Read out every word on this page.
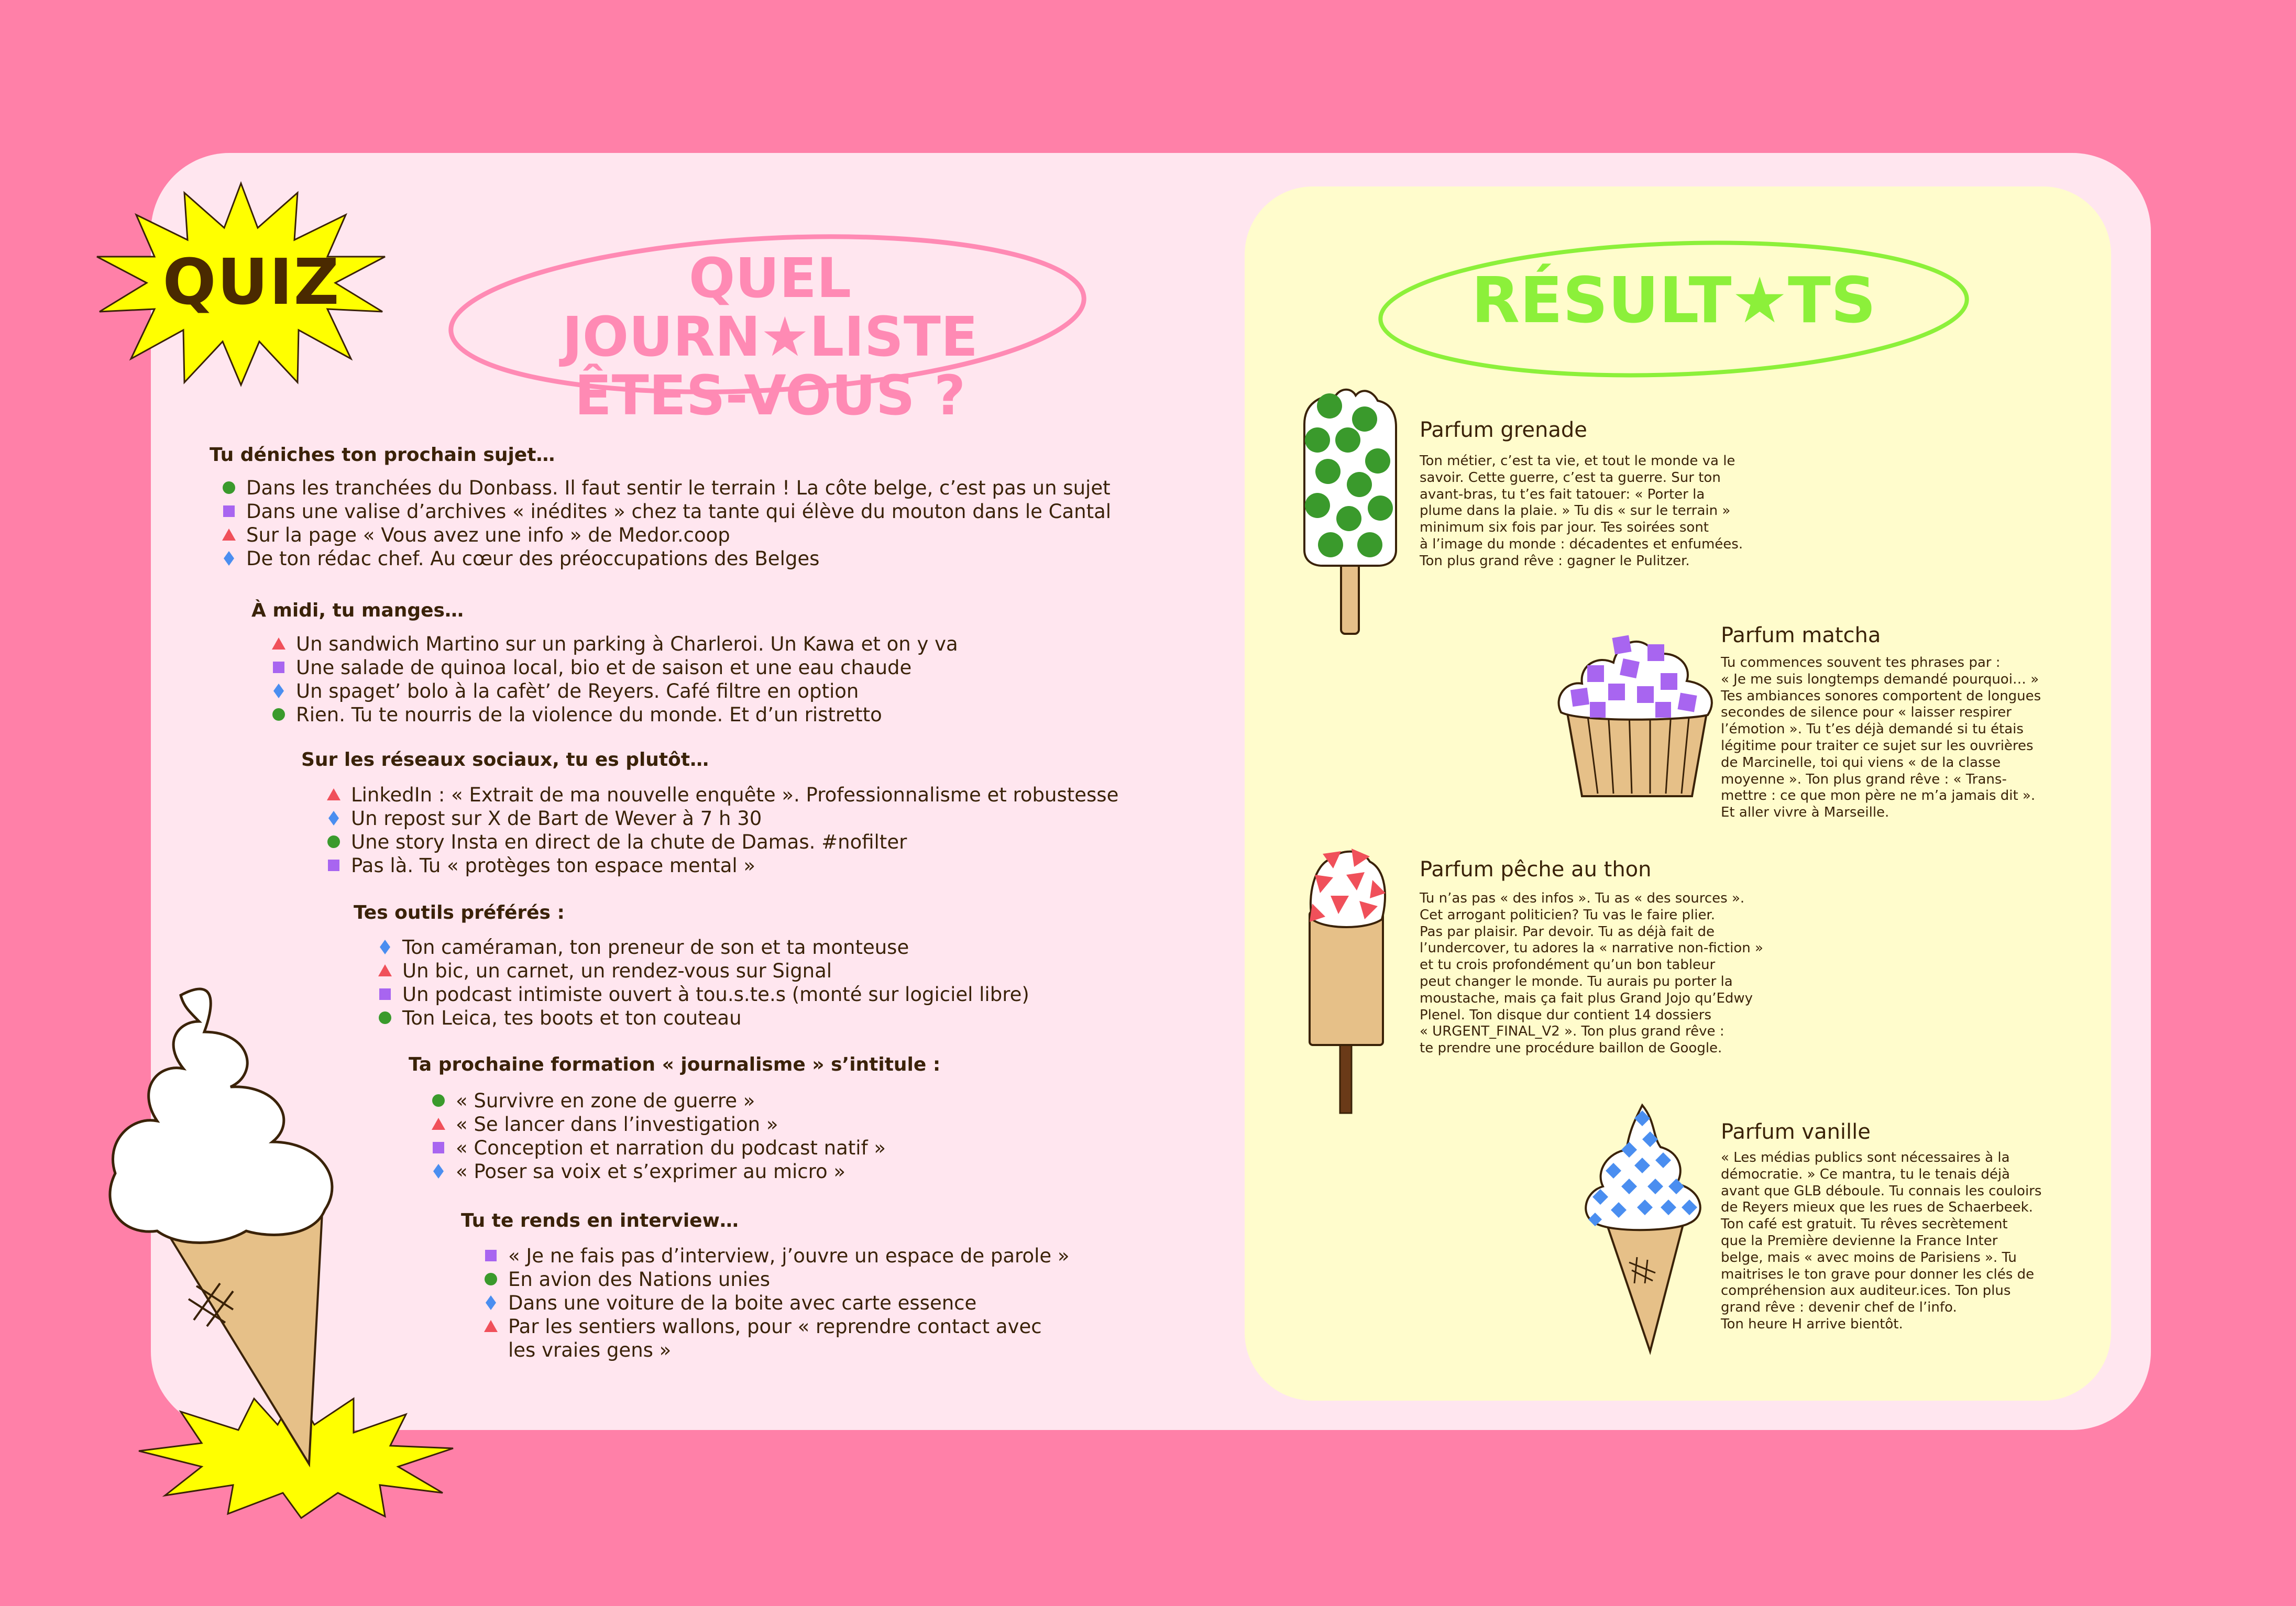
QUIZ	QUEL JOURN★LISTE
ÊTES-VOUS ?
RÉSULT★TS
Tu déniches ton prochain sujet…
Dans les tranchées du Donbass. Il faut sentir le terrain ! La côte belge, c’est pas un sujet
Dans une valise d’archives « inédites » chez ta tante qui élève du mouton dans le Cantal
Sur la page « Vous avez une info » de Medor.coop
De ton rédac chef. Au cœur des préoccupations des Belges
À midi, tu manges…
Un sandwich Martino sur un parking à Charleroi. Un Kawa et on y va
Une salade de quinoa local, bio et de saison et une eau chaude
Un spaget’ bolo à la cafèt’ de Reyers. Café filtre en option
Rien. Tu te nourris de la violence du monde. Et d’un ristretto
Sur les réseaux sociaux, tu es plutôt…
LinkedIn : « Extrait de ma nouvelle enquête ». Professionnalisme et robustesse
Un repost sur X de Bart de Wever à 7 h 30
Une story Insta en direct de la chute de Damas. #nofilter
Pas là. Tu « protèges ton espace mental »
Tes outils préférés :
Ton caméraman, ton preneur de son et ta monteuse
Un bic, un carnet, un rendez-vous sur Signal
Un podcast intimiste ouvert à tou.s.te.s (monté sur logiciel libre)
Ton Leica, tes boots et ton couteau
Ta prochaine formation « journalisme » s’intitule :
« Survivre en zone de guerre »
« Se lancer dans l’investigation »
« Conception et narration du podcast natif »
« Poser sa voix et s’exprimer au micro »
Tu te rends en interview…
« Je ne fais pas d’interview, j’ouvre un espace de parole »
En avion des Nations unies
Dans une voiture de la boite avec carte essence
Par les sentiers wallons, pour « reprendre contact avec
les vraies gens »
Parfum grenade
Ton métier, c’est ta vie, et tout le monde va le
savoir. Cette guerre, c’est ta guerre. Sur ton
avant-bras, tu t’es fait tatouer: « Porter la
plume dans la plaie. » Tu dis « sur le terrain »
minimum six fois par jour. Tes soirées sont
à l’image du monde : décadentes et enfumées.
Ton plus grand rêve : gagner le Pulitzer.
Parfum matcha
Tu commences souvent tes phrases par :
« Je me suis longtemps demandé pourquoi… »
Tes ambiances sonores comportent de longues
secondes de silence pour « laisser respirer
l’émotion ». Tu t’es déjà demandé si tu étais
légitime pour traiter ce sujet sur les ouvrières
de Marcinelle, toi qui viens « de la classe
moyenne ». Ton plus grand rêve : « Trans-
mettre : ce que mon père ne m’a jamais dit ».
Et aller vivre à Marseille.
Parfum pêche au thon
Tu n’as pas « des infos ». Tu as « des sources ».
Cet arrogant politicien? Tu vas le faire plier.
Pas par plaisir. Par devoir. Tu as déjà fait de
l’undercover, tu adores la « narrative non-fiction »
et tu crois profondément qu’un bon tableur
peut changer le monde. Tu aurais pu porter la
moustache, mais ça fait plus Grand Jojo qu’Edwy
Plenel. Ton disque dur contient 14 dossiers
« URGENT_FINAL_V2 ». Ton plus grand rêve :
te prendre une procédure baillon de Google.
Parfum vanille
« Les médias publics sont nécessaires à la
démocratie. » Ce mantra, tu le tenais déjà
avant que GLB déboule. Tu connais les couloirs
de Reyers mieux que les rues de Schaerbeek.
Ton café est gratuit. Tu rêves secrètement
que la Première devienne la France Inter
belge, mais « avec moins de Parisiens ». Tu
maitrises le ton grave pour donner les clés de
compréhension aux auditeur.ices. Ton plus
grand rêve : devenir chef de l’info.
Ton heure H arrive bientôt.
